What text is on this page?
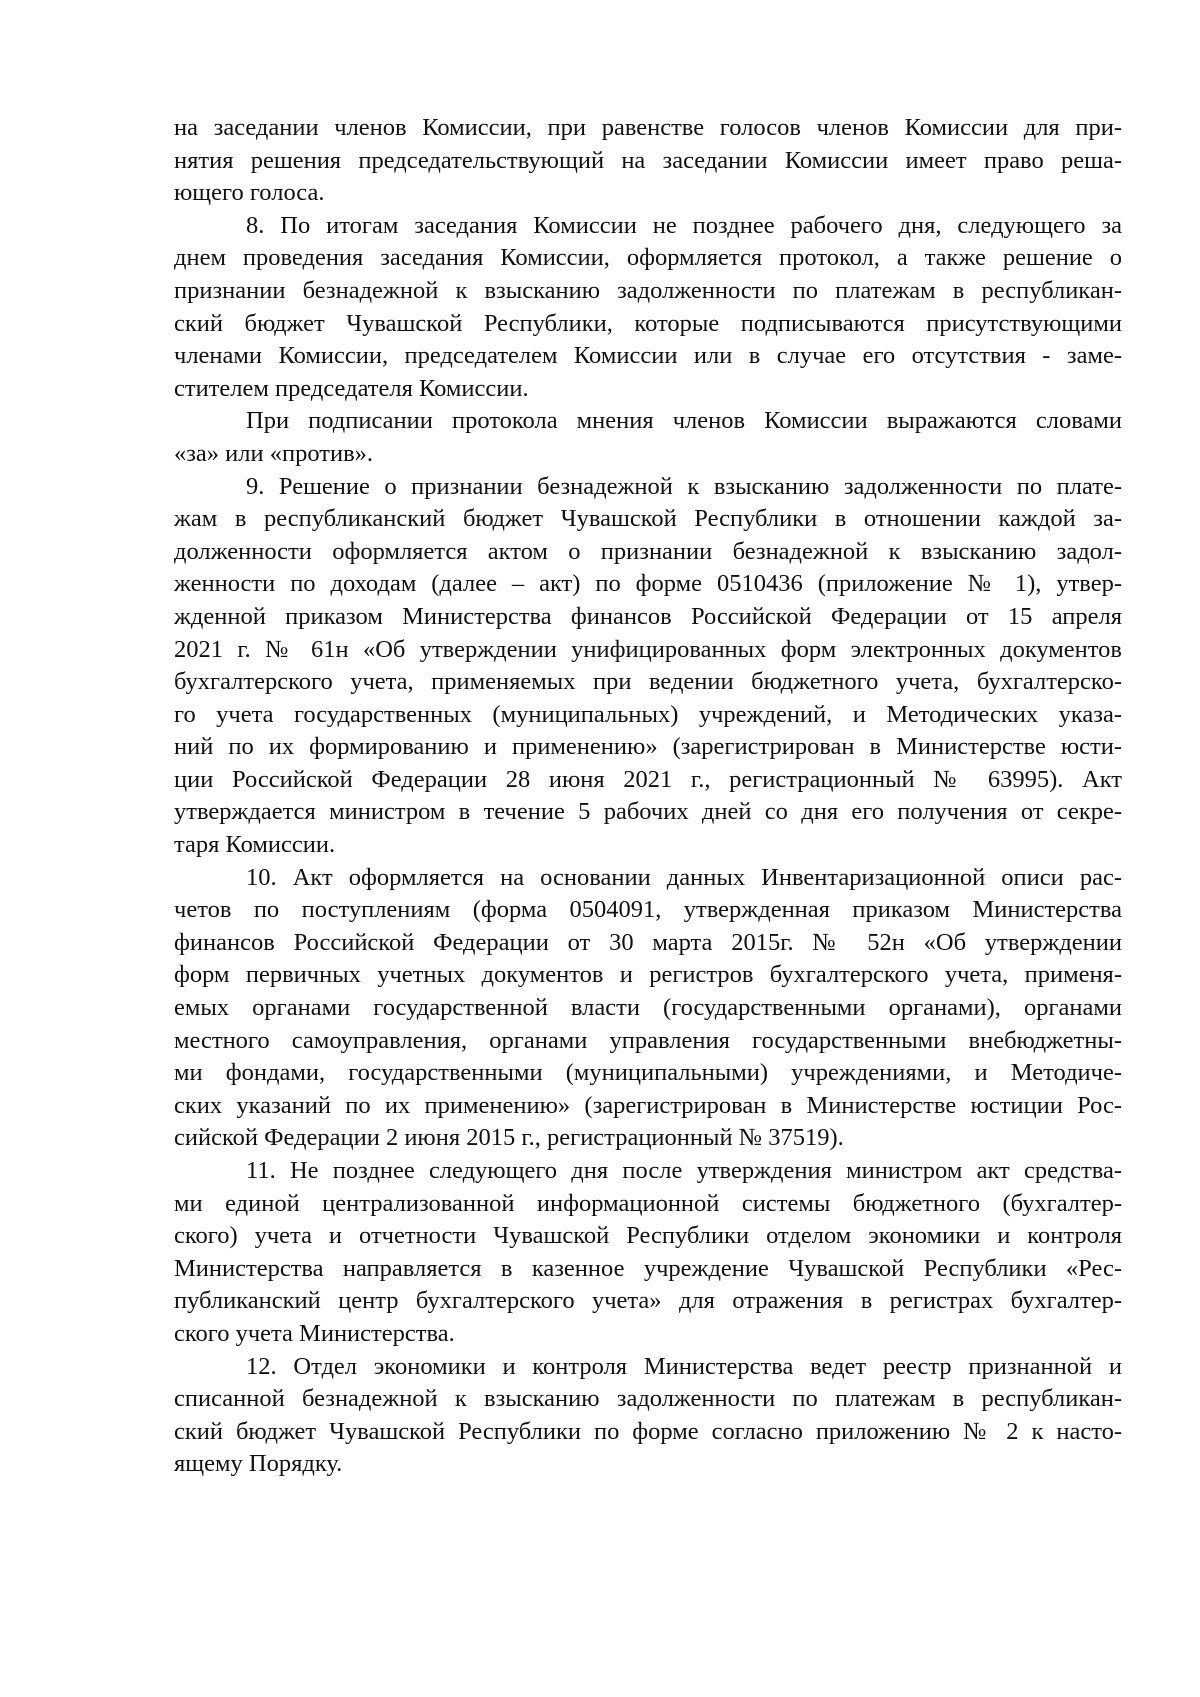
на заседании членов Комиссии, при равенстве голосов членов Комиссии для при-
нятия решения председательствующий на заседании Комиссии имеет право реша-
ющего голоса.
8. По итогам заседания Комиссии не позднее рабочего дня, следующего за
днем проведения заседания Комиссии, оформляется протокол, а также решение о
признании безнадежной к взысканию задолженности по платежам в республикан-
ский бюджет Чувашской Республики, которые подписываются присутствующими
членами Комиссии, председателем Комиссии или в случае его отсутствия - заме-
стителем председателя Комиссии.
При подписании протокола мнения членов Комиссии выражаются словами
«за» или «против».
9. Решение о признании безнадежной к взысканию задолженности по плате-
жам в республиканский бюджет Чувашской Республики в отношении каждой за-
долженности оформляется актом о признании безнадежной к взысканию задол-
женности по доходам (далее – акт) по форме 0510436 (приложение № 1), утвер-
жденной приказом Министерства финансов Российской Федерации от 15 апреля
2021 г. № 61н «Об утверждении унифицированных форм электронных документов
бухгалтерского учета, применяемых при ведении бюджетного учета, бухгалтерско-
го учета государственных (муниципальных) учреждений, и Методических указа-
ний по их формированию и применению» (зарегистрирован в Министерстве юсти-
ции Российской Федерации 28 июня 2021 г., регистрационный № 63995). Акт
утверждается министром в течение 5 рабочих дней со дня его получения от секре-
таря Комиссии.
10. Акт оформляется на основании данных Инвентаризационной описи рас-
четов по поступлениям (форма 0504091, утвержденная приказом Министерства
финансов Российской Федерации от 30 марта 2015г. № 52н «Об утверждении
форм первичных учетных документов и регистров бухгалтерского учета, применя-
емых органами государственной власти (государственными органами), органами
местного самоуправления, органами управления государственными внебюджетны-
ми фондами, государственными (муниципальными) учреждениями, и Методиче-
ских указаний по их применению» (зарегистрирован в Министерстве юстиции Рос-
сийской Федерации 2 июня 2015 г., регистрационный № 37519).
11. Не позднее следующего дня после утверждения министром акт средства-
ми единой централизованной информационной системы бюджетного (бухгалтер-
ского) учета и отчетности Чувашской Республики отделом экономики и контроля
Министерства направляется в казенное учреждение Чувашской Республики «Рес-
публиканский центр бухгалтерского учета» для отражения в регистрах бухгалтер-
ского учета Министерства.
12. Отдел экономики и контроля Министерства ведет реестр признанной и
списанной безнадежной к взысканию задолженности по платежам в республикан-
ский бюджет Чувашской Республики по форме согласно приложению № 2 к насто-
ящему Порядку.
